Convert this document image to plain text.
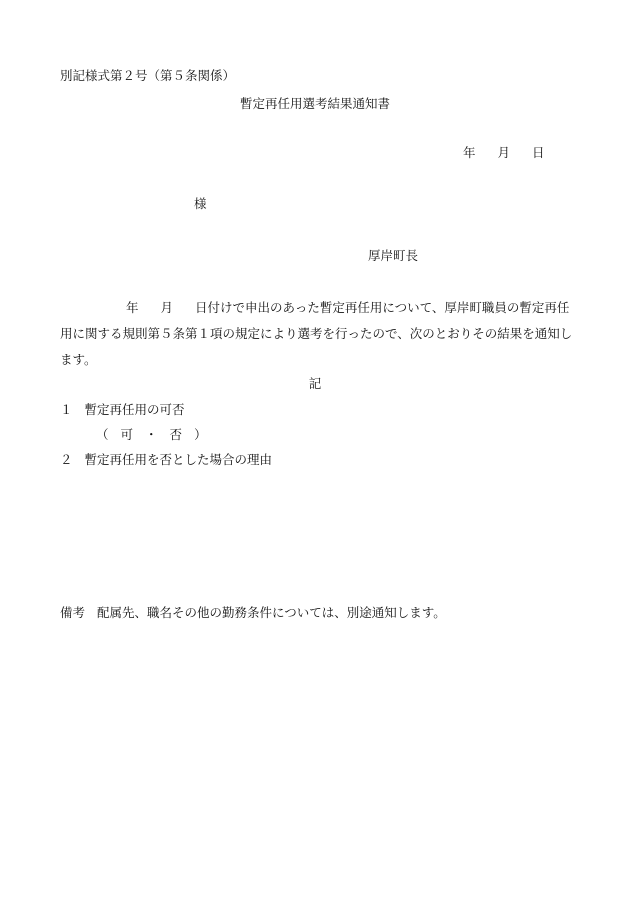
別記様式第２号（第５条関係）
暫定再任用選考結果通知書
年 月 日
様
厚岸町長
年 月 日付けで申出のあった暫定再任用について、厚岸町職員の暫定再任用に関する規則第５条第１項の規定により選考を行ったので、次のとおりその結果を通知します。
記
１ 暫定再任用の可否
（ 可 ・ 否 ）
２ 暫定再任用を否とした場合の理由
備考 配属先、職名その他の勤務条件については、別途通知します。
